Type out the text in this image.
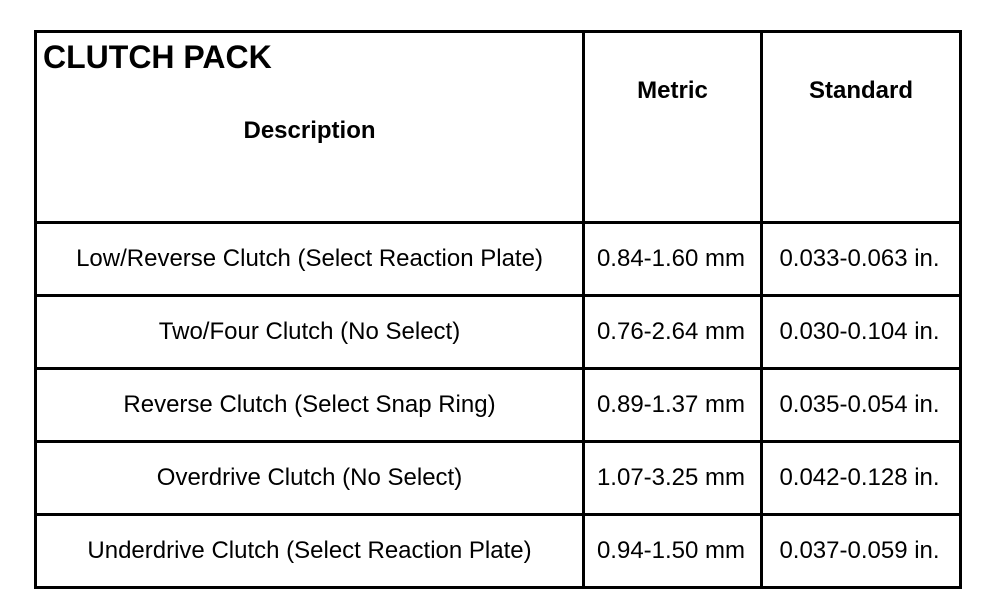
CLUTCH PACK
Description	Metric	Standard
Low/Reverse Clutch (Select Reaction Plate)	0.84-1.60 mm	0.033-0.063 in.
Two/Four Clutch (No Select)	0.76-2.64 mm	0.030-0.104 in.
Reverse Clutch (Select Snap Ring)	0.89-1.37 mm	0.035-0.054 in.
Overdrive Clutch (No Select)	1.07-3.25 mm	0.042-0.128 in.
Underdrive Clutch (Select Reaction Plate)	0.94-1.50 mm	0.037-0.059 in.
